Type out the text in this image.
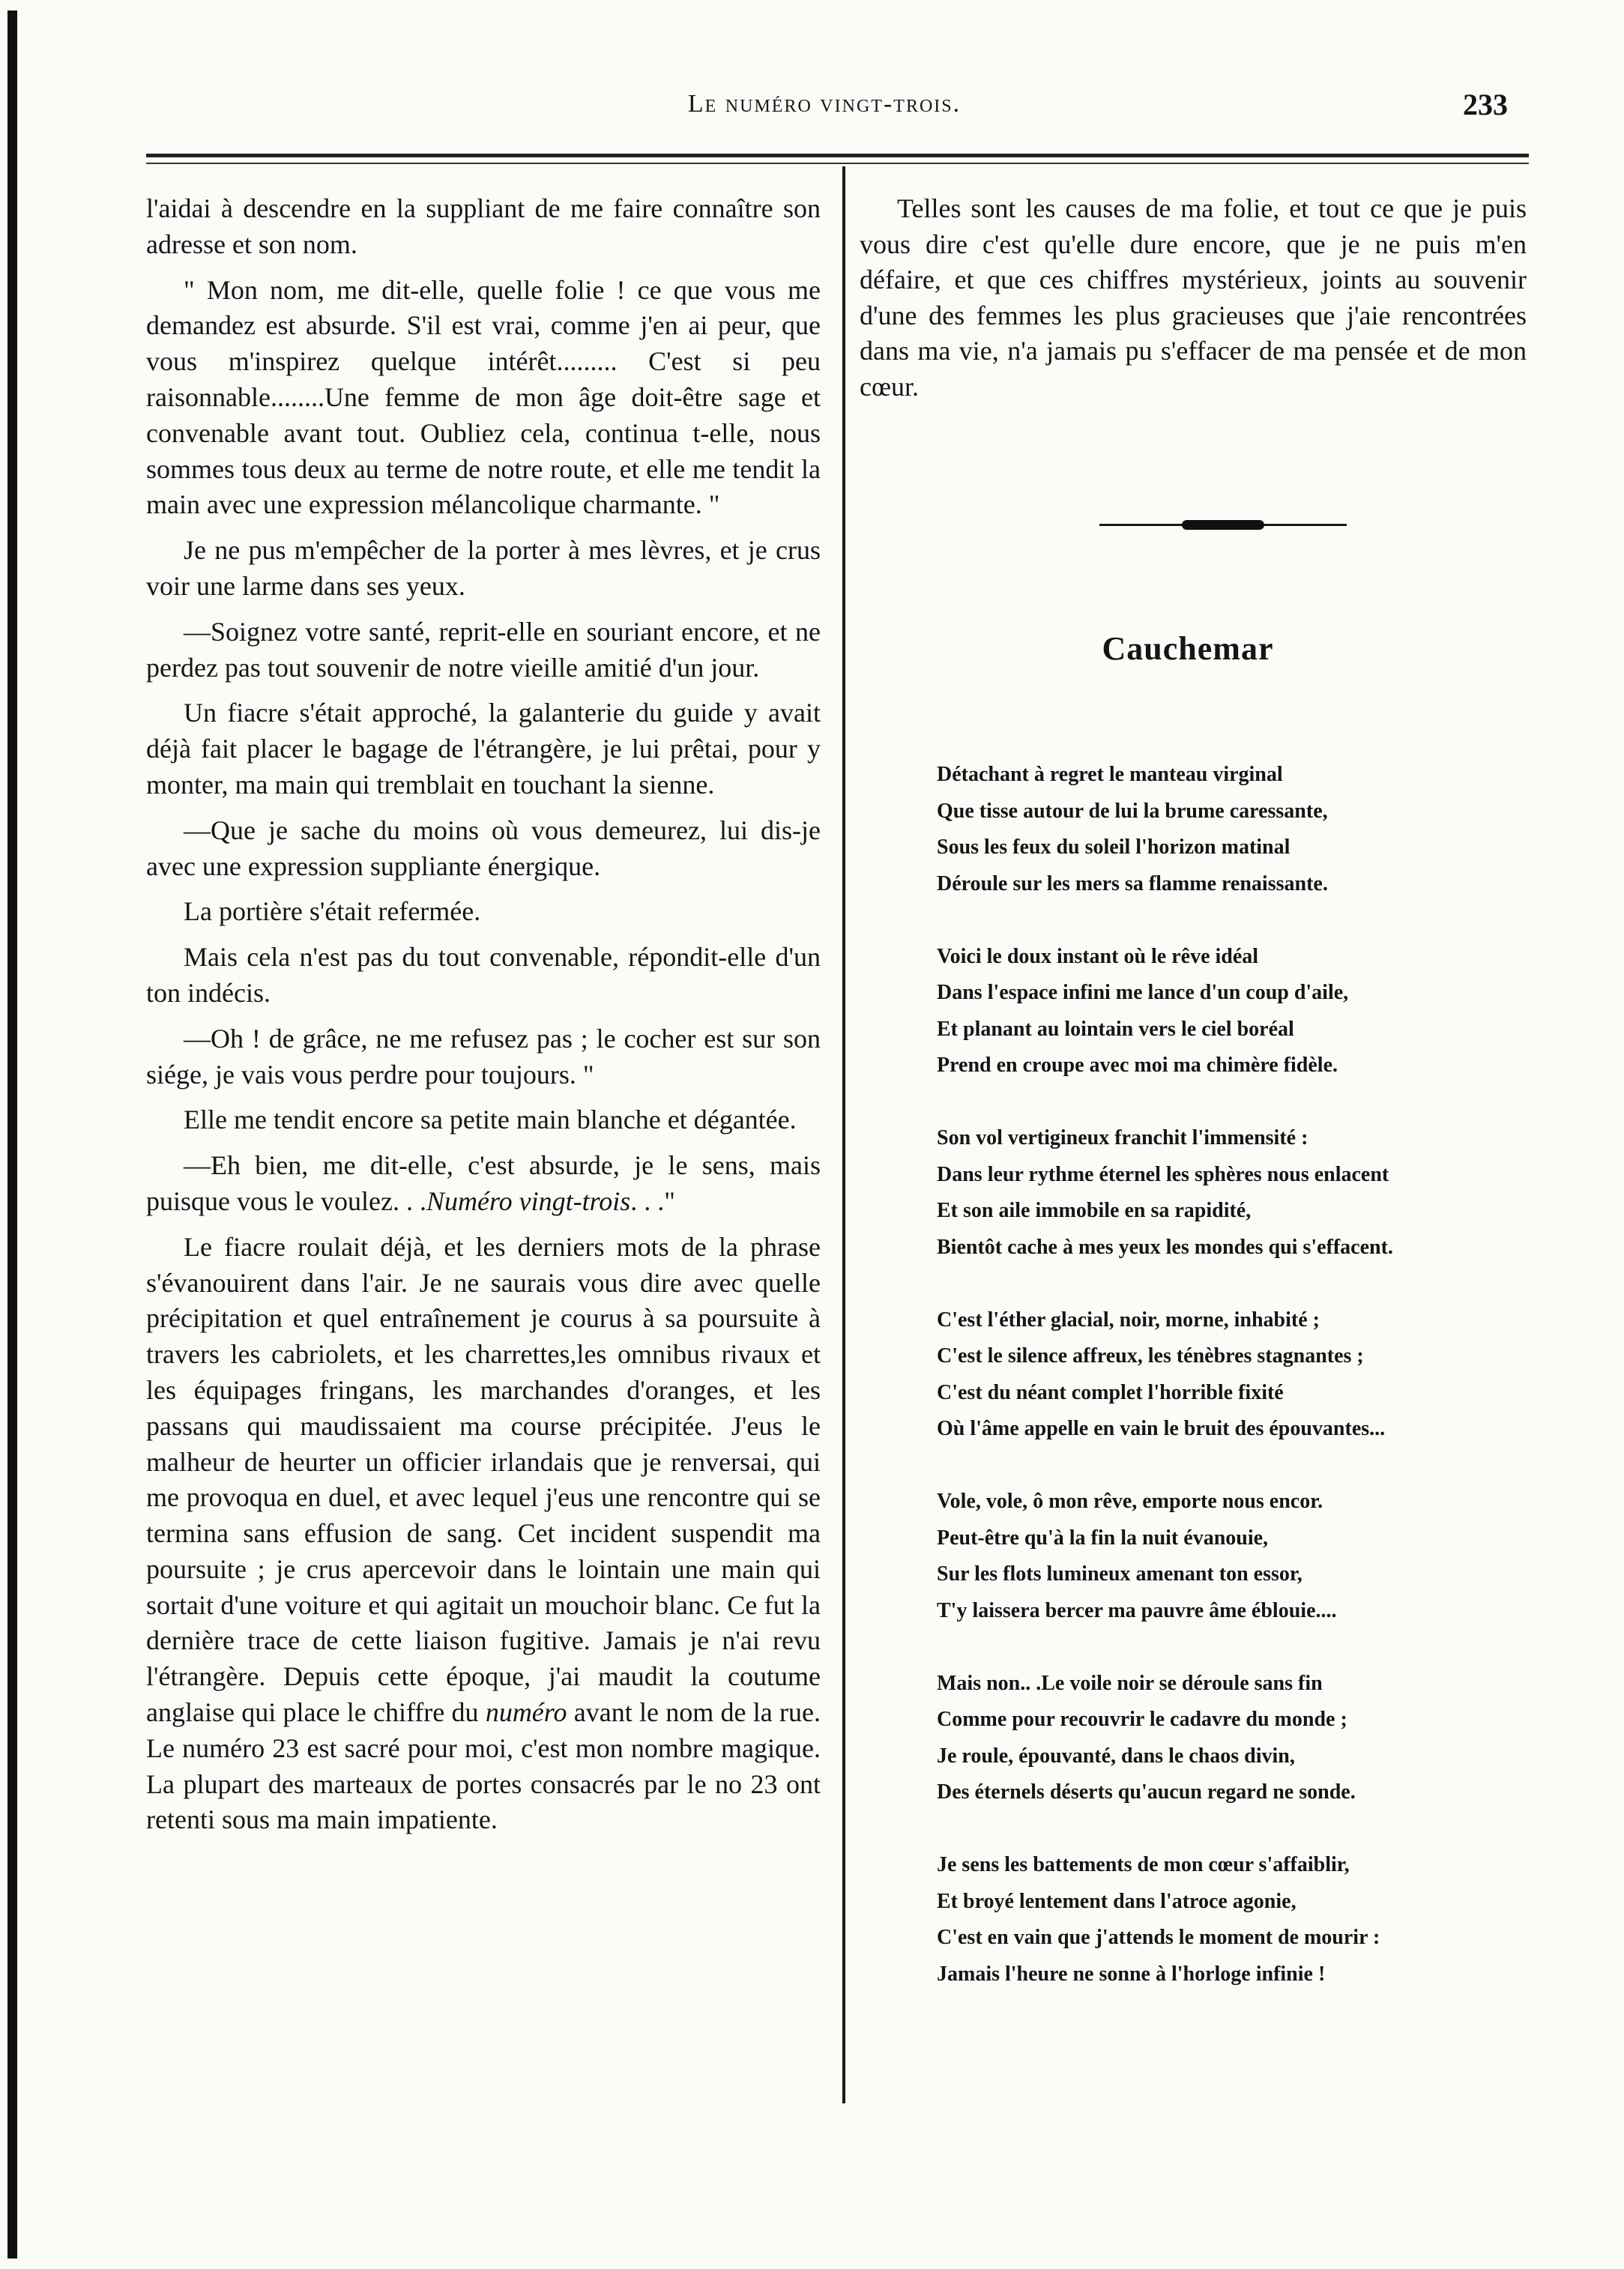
Le numéro vingt-trois.	233

l'aidai à descendre en la suppliant de me faire connaître son adresse et son nom.

" Mon nom, me dit-elle, quelle folie ! ce que vous me demandez est absurde. S'il est vrai, comme j'en ai peur, que vous m'inspirez quelque intérêt......... C'est si peu raisonnable........Une femme de mon âge doit-être sage et convenable avant tout. Oubliez cela, continua t-elle, nous sommes tous deux au terme de notre route, et elle me tendit la main avec une expression mélancolique charmante. "

Je ne pus m'empêcher de la porter à mes lèvres, et je crus voir une larme dans ses yeux.

—Soignez votre santé, reprit-elle en souriant encore, et ne perdez pas tout souvenir de notre vieille amitié d'un jour.

Un fiacre s'était approché, la galanterie du guide y avait déjà fait placer le bagage de l'étrangère, je lui prêtai, pour y monter, ma main qui tremblait en touchant la sienne.

—Que je sache du moins où vous demeurez, lui dis-je avec une expression suppliante énergique.

La portière s'était refermée.

Mais cela n'est pas du tout convenable, répondit-elle d'un ton indécis.

—Oh ! de grâce, ne me refusez pas ; le cocher est sur son siége, je vais vous perdre pour toujours. "

Elle me tendit encore sa petite main blanche et dégantée.

—Eh bien, me dit-elle, c'est absurde, je le sens, mais puisque vous le voulez. . .Numéro vingt-trois. . ."

Le fiacre roulait déjà, et les derniers mots de la phrase s'évanouirent dans l'air. Je ne saurais vous dire avec quelle précipitation et quel entraînement je courus à sa poursuite à travers les cabriolets, et les charrettes,les omnibus rivaux et les équipages fringans, les marchandes d'oranges, et les passans qui maudissaient ma course précipitée. J'eus le malheur de heurter un officier irlandais que je renversai, qui me provoqua en duel, et avec lequel j'eus une rencontre qui se termina sans effusion de sang. Cet incident suspendit ma poursuite ; je crus apercevoir dans le lointain une main qui sortait d'une voiture et qui agitait un mouchoir blanc. Ce fut la dernière trace de cette liaison fugitive. Jamais je n'ai revu l'étrangère. Depuis cette époque, j'ai maudit la coutume anglaise qui place le chiffre du numéro avant le nom de la rue. Le numéro 23 est sacré pour moi, c'est mon nombre magique. La plupart des marteaux de portes consacrés par le no 23 ont retenti sous ma main impatiente.

Telles sont les causes de ma folie, et tout ce que je puis vous dire c'est qu'elle dure encore, que je ne puis m'en défaire, et que ces chiffres mystérieux, joints au souvenir d'une des femmes les plus gracieuses que j'aie rencontrées dans ma vie, n'a jamais pu s'effacer de ma pensée et de mon cœur.

Cauchemar
Détachant à regret le manteau virginal
Que tisse autour de lui la brume caressante,
Sous les feux du soleil l'horizon matinal
Déroule sur les mers sa flamme renaissante.
Voici le doux instant où le rêve idéal
Dans l'espace infini me lance d'un coup d'aile,
Et planant au lointain vers le ciel boréal
Prend en croupe avec moi ma chimère fidèle.
Son vol vertigineux franchit l'immensité :
Dans leur rythme éternel les sphères nous enlacent
Et son aile immobile en sa rapidité,
Bientôt cache à mes yeux les mondes qui s'effacent.
C'est l'éther glacial, noir, morne, inhabité ;
C'est le silence affreux, les ténèbres stagnantes ;
C'est du néant complet l'horrible fixité
Où l'âme appelle en vain le bruit des épouvantes...
Vole, vole, ô mon rêve, emporte nous encor.
Peut-être qu'à la fin la nuit évanouie,
Sur les flots lumineux amenant ton essor,
T'y laissera bercer ma pauvre âme éblouie....
Mais non.. .Le voile noir se déroule sans fin
Comme pour recouvrir le cadavre du monde ;
Je roule, épouvanté, dans le chaos divin,
Des éternels déserts qu'aucun regard ne sonde.
Je sens les battements de mon cœur s'affaiblir,
Et broyé lentement dans l'atroce agonie,
C'est en vain que j'attends le moment de mourir :
Jamais l'heure ne sonne à l'horloge infinie !
